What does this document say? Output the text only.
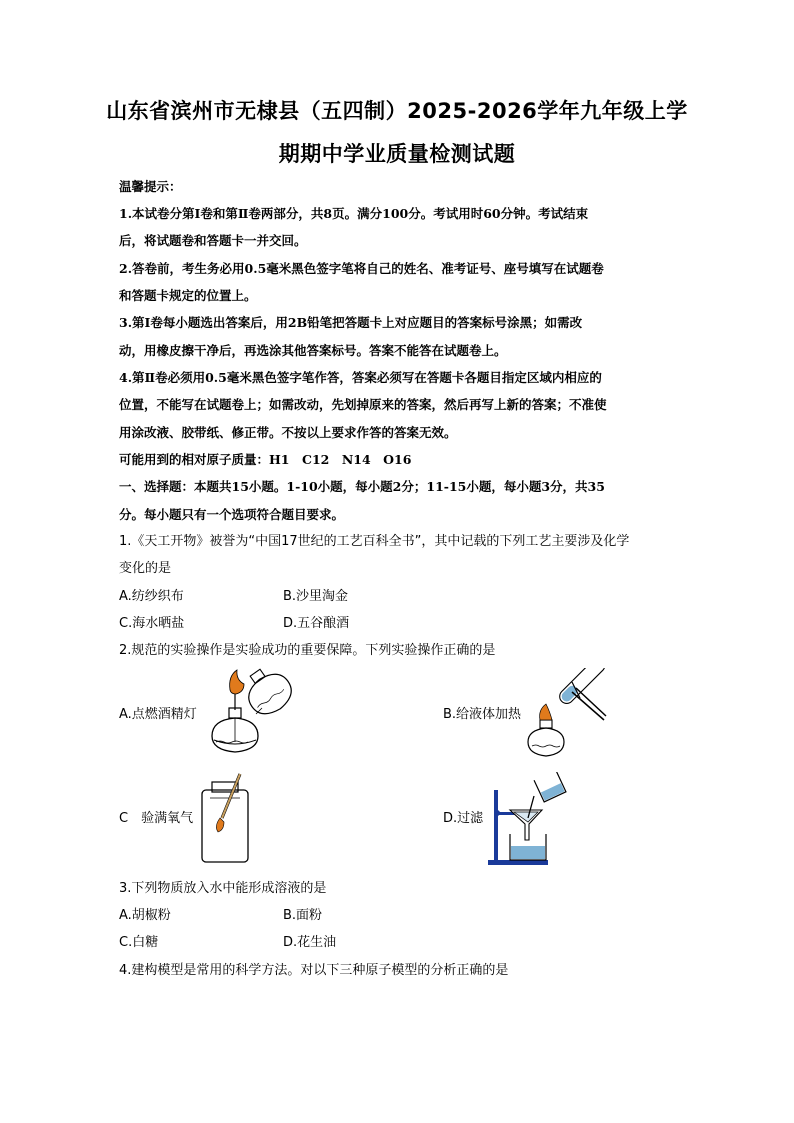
山东省滨州市无棣县（五四制）2025-2026学年九年级上学
期期中学业质量检测试题
温馨提示：
1.本试卷分第Ⅰ卷和第Ⅱ卷两部分，共8页。满分100分。考试用时60分钟。考试结束
后，将试题卷和答题卡一并交回。
2.答卷前，考生务必用0.5毫米黑色签字笔将自己的姓名、准考证号、座号填写在试题卷
和答题卡规定的位置上。
3.第Ⅰ卷每小题选出答案后，用2B铅笔把答题卡上对应题目的答案标号涂黑；如需改
动，用橡皮擦干净后，再选涂其他答案标号。答案不能答在试题卷上。
4.第Ⅱ卷必须用0.5毫米黑色签字笔作答，答案必须写在答题卡各题目指定区域内相应的
位置，不能写在试题卷上；如需改动，先划掉原来的答案，然后再写上新的答案；不准使
用涂改液、胶带纸、修正带。不按以上要求作答的答案无效。
可能用到的相对原子质量：H1　C12　N14　O16
一、选择题：本题共15小题。1-10小题，每小题2分；11-15小题，每小题3分，共35
分。每小题只有一个选项符合题目要求。
1.《天工开物》被誉为“中国17世纪的工艺百科全书”，其中记载的下列工艺主要涉及化学
变化的是
A.纺纱织布	B.沙里淘金
C.海水晒盐	D.五谷酿酒
2.规范的实验操作是实验成功的重要保障。下列实验操作正确的是
A.点燃酒精灯	B.给液体加热
C　验满氧气	D.过滤
3.下列物质放入水中能形成溶液的是
A.胡椒粉	B.面粉
C.白糖	D.花生油
4.建构模型是常用的科学方法。对以下三种原子模型的分析正确的是
